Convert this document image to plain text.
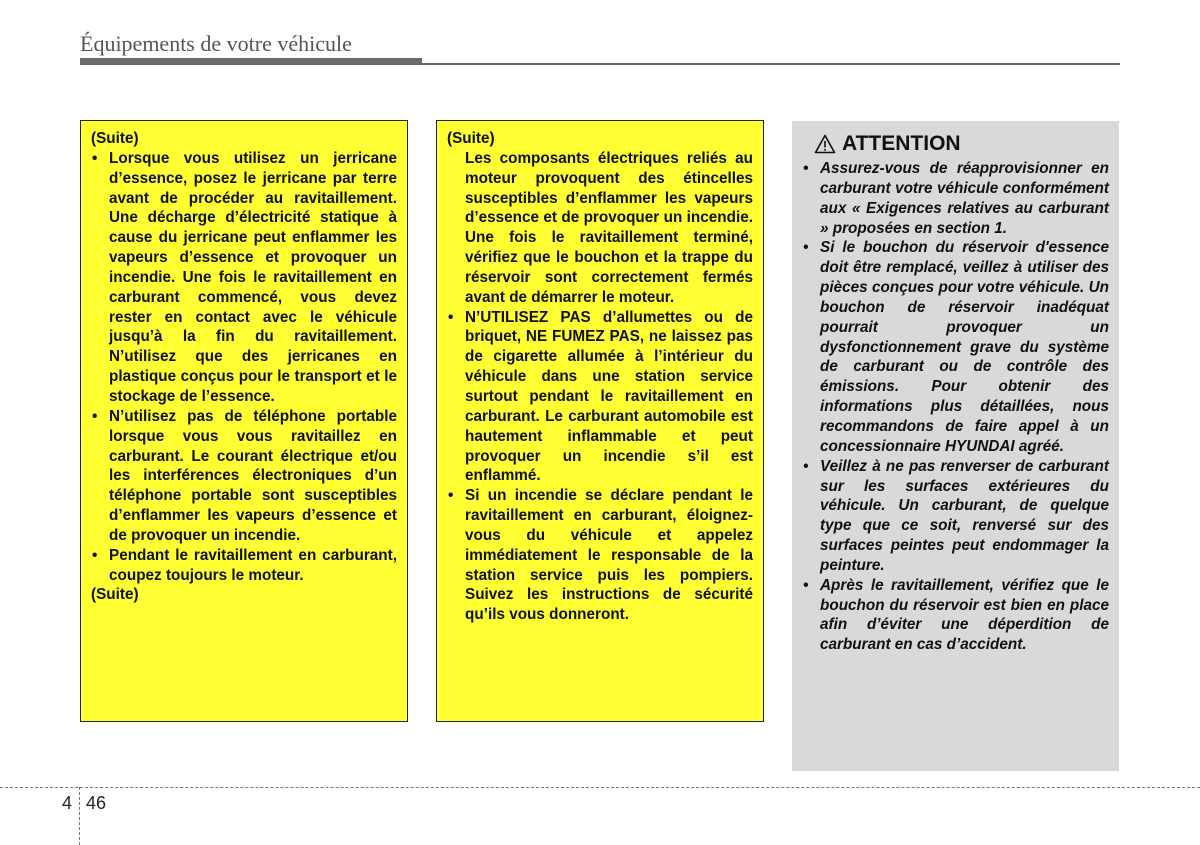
Équipements de votre véhicule

(Suite)

• Lorsque vous utilisez un jerricane d’essence, posez le jerricane par terre avant de procéder au ravitaillement. Une décharge d’électricité statique à cause du jerricane peut enflammer les vapeurs d’essence et provoquer un incendie. Une fois le ravitaillement en carburant commencé, vous devez rester en contact avec le véhicule jusqu’à la fin du ravitaillement. N’utilisez que des jerricanes en plastique conçus pour le transport et le stockage de l’essence.

• N’utilisez pas de téléphone portable lorsque vous vous ravitaillez en carburant. Le courant électrique et/ou les interférences électroniques d’un téléphone portable sont susceptibles d’enflammer les vapeurs d’essence et de provoquer un incendie.

• Pendant le ravitaillement en carburant, coupez toujours le moteur.

(Suite)

(Suite)

Les composants électriques reliés au moteur provoquent des étincelles susceptibles d’enflammer les vapeurs d’essence et de provoquer un incendie. Une fois le ravitaillement terminé, vérifiez que le bouchon et la trappe du réservoir sont correctement fermés avant de démarrer le moteur.

• N’UTILISEZ PAS d’allumettes ou de briquet, NE FUMEZ PAS, ne laissez pas de cigarette allumée à l’intérieur du véhicule dans une station service surtout pendant le ravitaillement en carburant. Le carburant automobile est hautement inflammable et peut provoquer un incendie s’il est enflammé.

• Si un incendie se déclare pendant le ravitaillement en carburant, éloignez-vous du véhicule et appelez immédiatement le responsable de la station service puis les pompiers. Suivez les instructions de sécurité qu’ils vous donneront.

ATTENTION

• Assurez-vous de réapprovisionner en carburant votre véhicule conformément aux « Exigences relatives au carburant » proposées en section 1.

• Si le bouchon du réservoir d'essence doit être remplacé, veillez à utiliser des pièces conçues pour votre véhicule. Un bouchon de réservoir inadéquat pourrait provoquer un dysfonctionnement grave du système de carburant ou de contrôle des émissions. Pour obtenir des informations plus détaillées, nous recommandons de faire appel à un concessionnaire HYUNDAI agréé.

• Veillez à ne pas renverser de carburant sur les surfaces extérieures du véhicule. Un carburant, de quelque type que ce soit, renversé sur des surfaces peintes peut endommager la peinture.

• Après le ravitaillement, vérifiez que le bouchon du réservoir est bien en place afin d’éviter une déperdition de carburant en cas d’accident.

4 46
